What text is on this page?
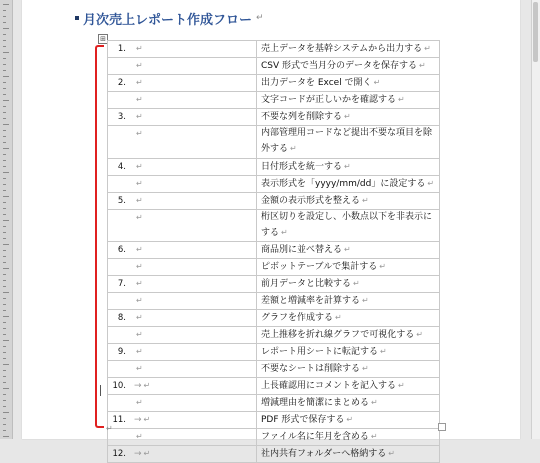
月次売上レポート作成フロー ↵
⊞
1. ↵	売上データを基幹システムから出力する ↵
↵	CSV 形式で当月分のデータを保存する ↵
2. ↵	出力データを Excel で開く ↵
↵	文字コードが正しいかを確認する ↵
3. ↵	不要な列を削除する ↵
↵	内部管理用コードなど提出不要な項目を除外する ↵
4. ↵	日付形式を統一する ↵
↵	表示形式を「yyyy/mm/dd」に設定する ↵
5. ↵	金額の表示形式を整える ↵
↵	桁区切りを設定し、小数点以下を非表示にする ↵
6. ↵	商品別に並べ替える ↵
↵	ピボットテーブルで集計する ↵
7. ↵	前月データと比較する ↵
↵	差額と増減率を計算する ↵
8. ↵	グラフを作成する ↵
↵	売上推移を折れ線グラフで可視化する ↵
9. ↵	レポート用シートに転記する ↵
↵	不要なシートは削除する ↵
10. → ↵	上長確認用にコメントを記入する ↵
↵	増減理由を簡潔にまとめる ↵
11. → ↵	PDF 形式で保存する ↵
↵	ファイル名に年月を含める ↵
12. → ↵	社内共有フォルダーへ格納する ↵
↵
